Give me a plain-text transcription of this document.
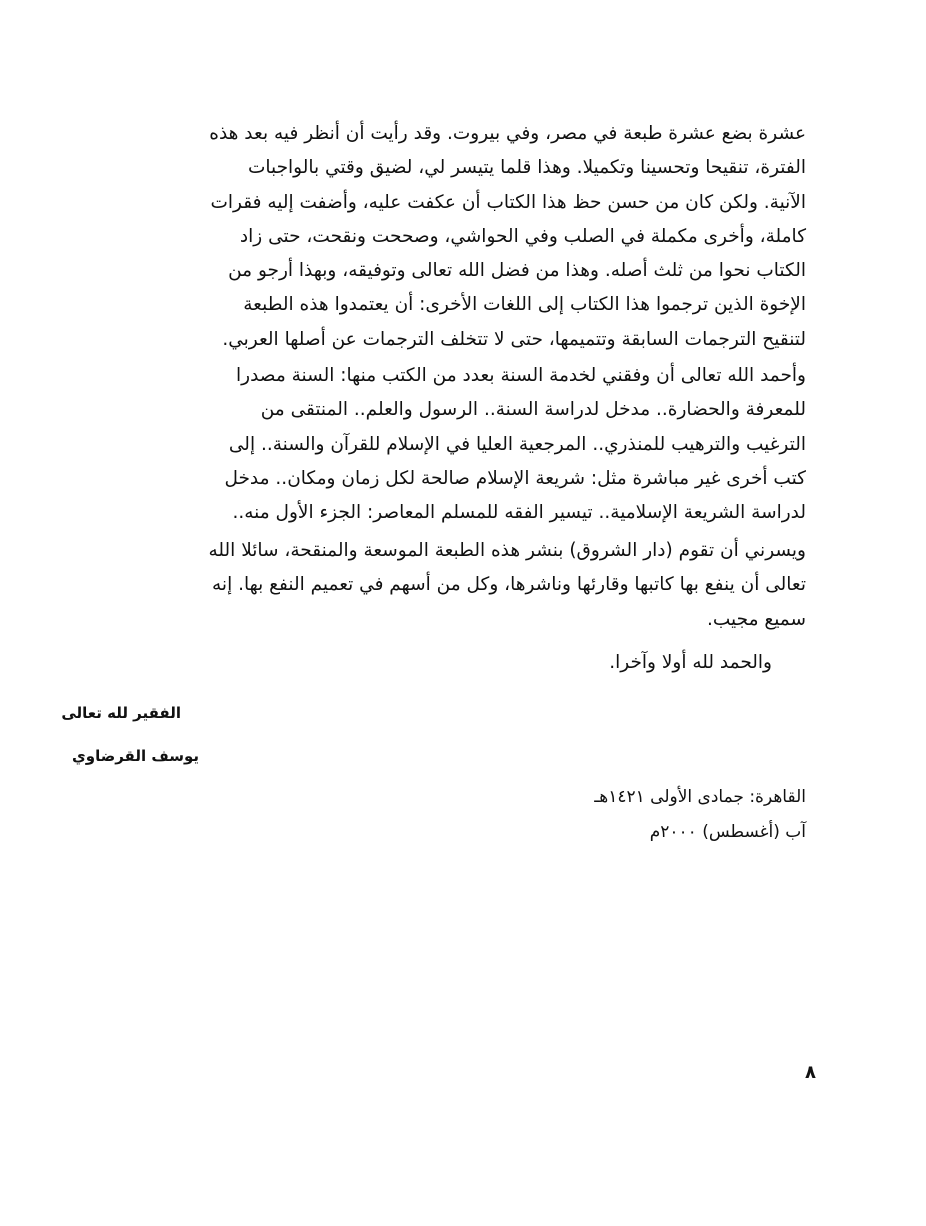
عشرة بضع عشرة طبعة في مصر، وفي بيروت. وقد رأيت أن أنظر فيه بعد هذه
الفترة، تنقيحا وتحسينا وتكميلا. وهذا قلما يتيسر لي، لضيق وقتي بالواجبات
الآنية. ولكن كان من حسن حظ هذا الكتاب أن عكفت عليه، وأضفت إليه فقرات
كاملة، وأخرى مكملة في الصلب وفي الحواشي، وصححت ونقحت، حتى زاد
الكتاب نحوا من ثلث أصله. وهذا من فضل الله تعالى وتوفيقه، وبهذا أرجو من
الإخوة الذين ترجموا هذا الكتاب إلى اللغات الأخرى: أن يعتمدوا هذه الطبعة
لتنقيح الترجمات السابقة وتتميمها، حتى لا تتخلف الترجمات عن أصلها العربي.
وأحمد الله تعالى أن وفقني لخدمة السنة بعدد من الكتب منها: السنة مصدرا
للمعرفة والحضارة.. مدخل لدراسة السنة.. الرسول والعلم.. المنتقى من
الترغيب والترهيب للمنذري.. المرجعية العليا في الإسلام للقرآن والسنة.. إلى
كتب أخرى غير مباشرة مثل: شريعة الإسلام صالحة لكل زمان ومكان.. مدخل
لدراسة الشريعة الإسلامية.. تيسير الفقه للمسلم المعاصر: الجزء الأول منه..
ويسرني أن تقوم (دار الشروق) بنشر هذه الطبعة الموسعة والمنقحة، سائلا الله
تعالى أن ينفع بها كاتبها وقارئها وناشرها، وكل من أسهم في تعميم النفع بها. إنه
سميع مجيب.

والحمد لله أولا وآخرا.

الفقير لله تعالى

يوسف القرضاوي

القاهرة: جمادى الأولى ١٤٢١هـ

آب (أغسطس) ٢٠٠٠م

٨
